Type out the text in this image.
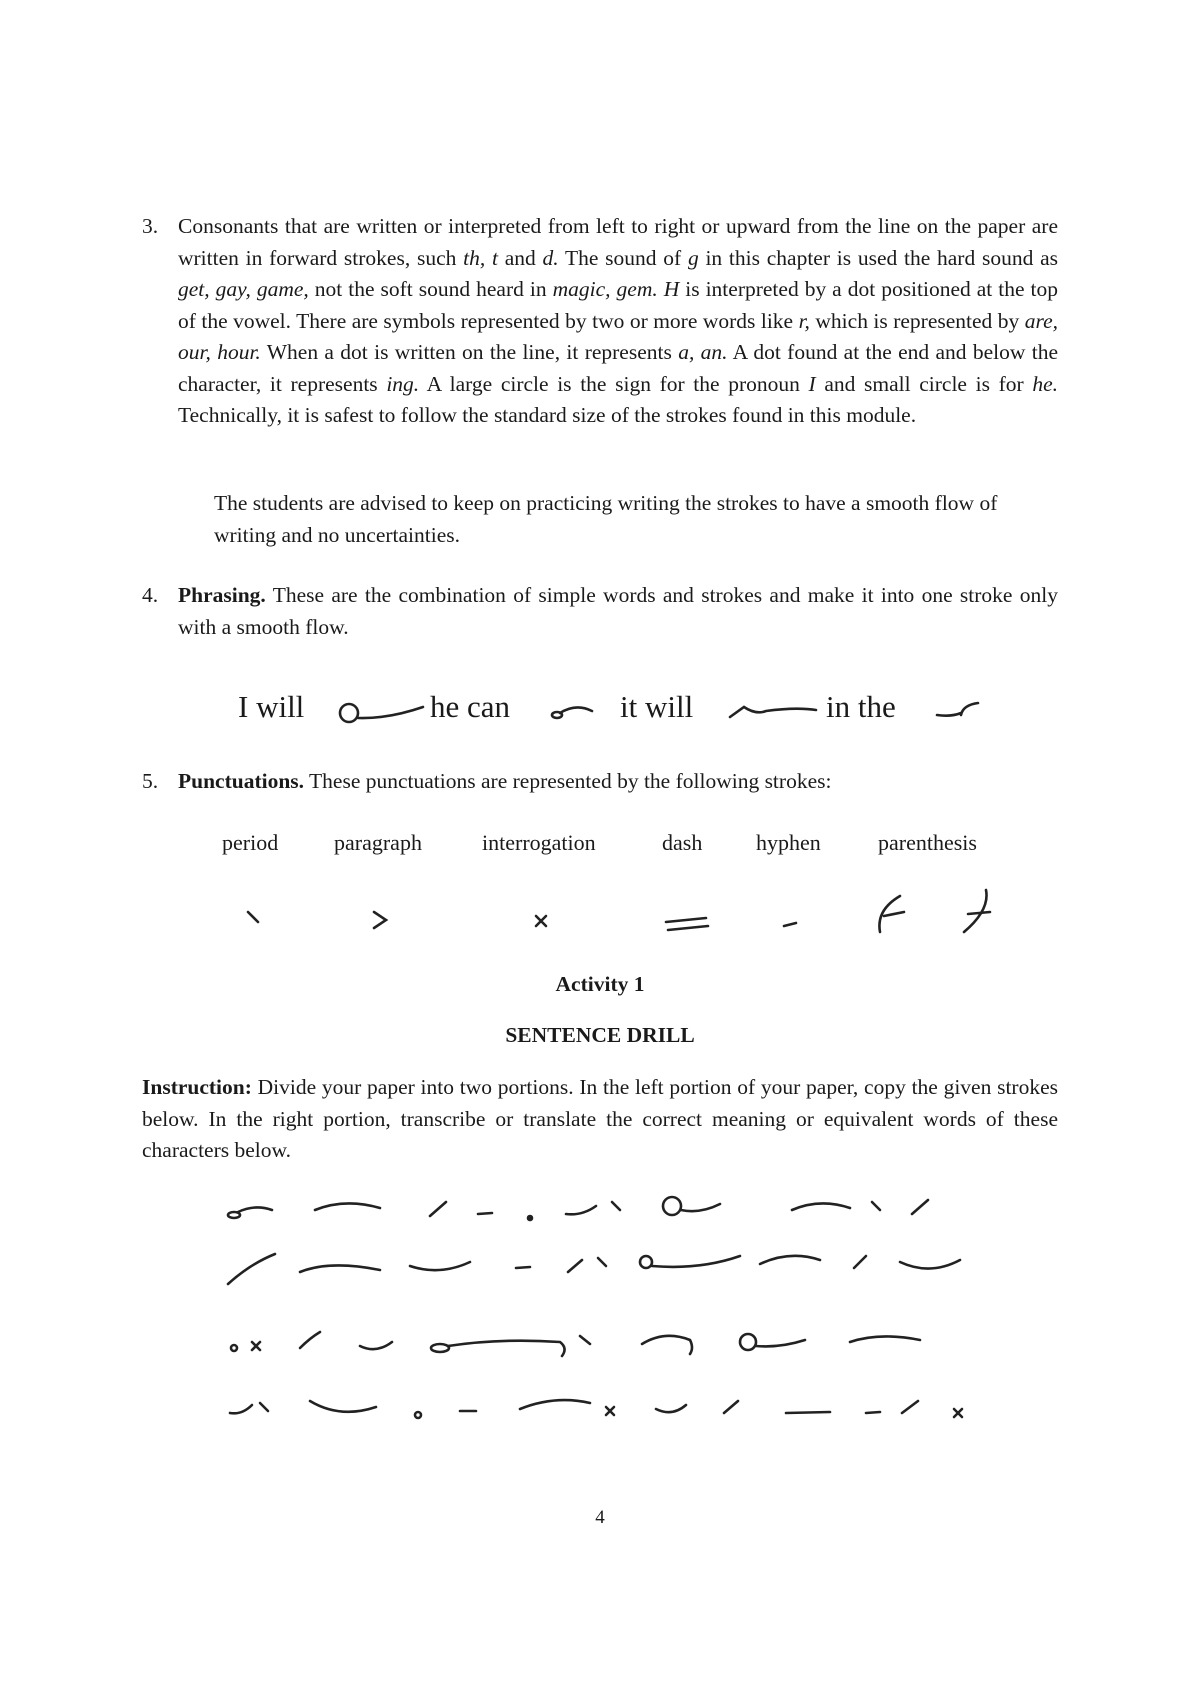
3. Consonants that are written or interpreted from left to right or upward from the line on the paper are written in forward strokes, such th, t and d. The sound of g in this chapter is used the hard sound as get, gay, game, not the soft sound heard in magic, gem. H is interpreted by a dot positioned at the top of the vowel. There are symbols represented by two or more words like r, which is represented by are, our, hour. When a dot is written on the line, it represents a, an. A dot found at the end and below the character, it represents ing. A large circle is the sign for the pronoun I and small circle is for he. Technically, it is safest to follow the standard size of the strokes found in this module.

The students are advised to keep on practicing writing the strokes to have a smooth flow of writing and no uncertainties.
4. Phrasing. These are the combination of simple words and strokes and make it into one stroke only with a smooth flow.

I will	he can	it will	in the
5. Punctuations. These punctuations are represented by the following strokes:

period	paragraph	interrogation	dash hyphen	parenthesis
Activity 1
SENTENCE DRILL
Instruction: Divide your paper into two portions. In the left portion of your paper, copy the given strokes below. In the right portion, transcribe or translate the correct meaning or equivalent words of these characters below.
4
